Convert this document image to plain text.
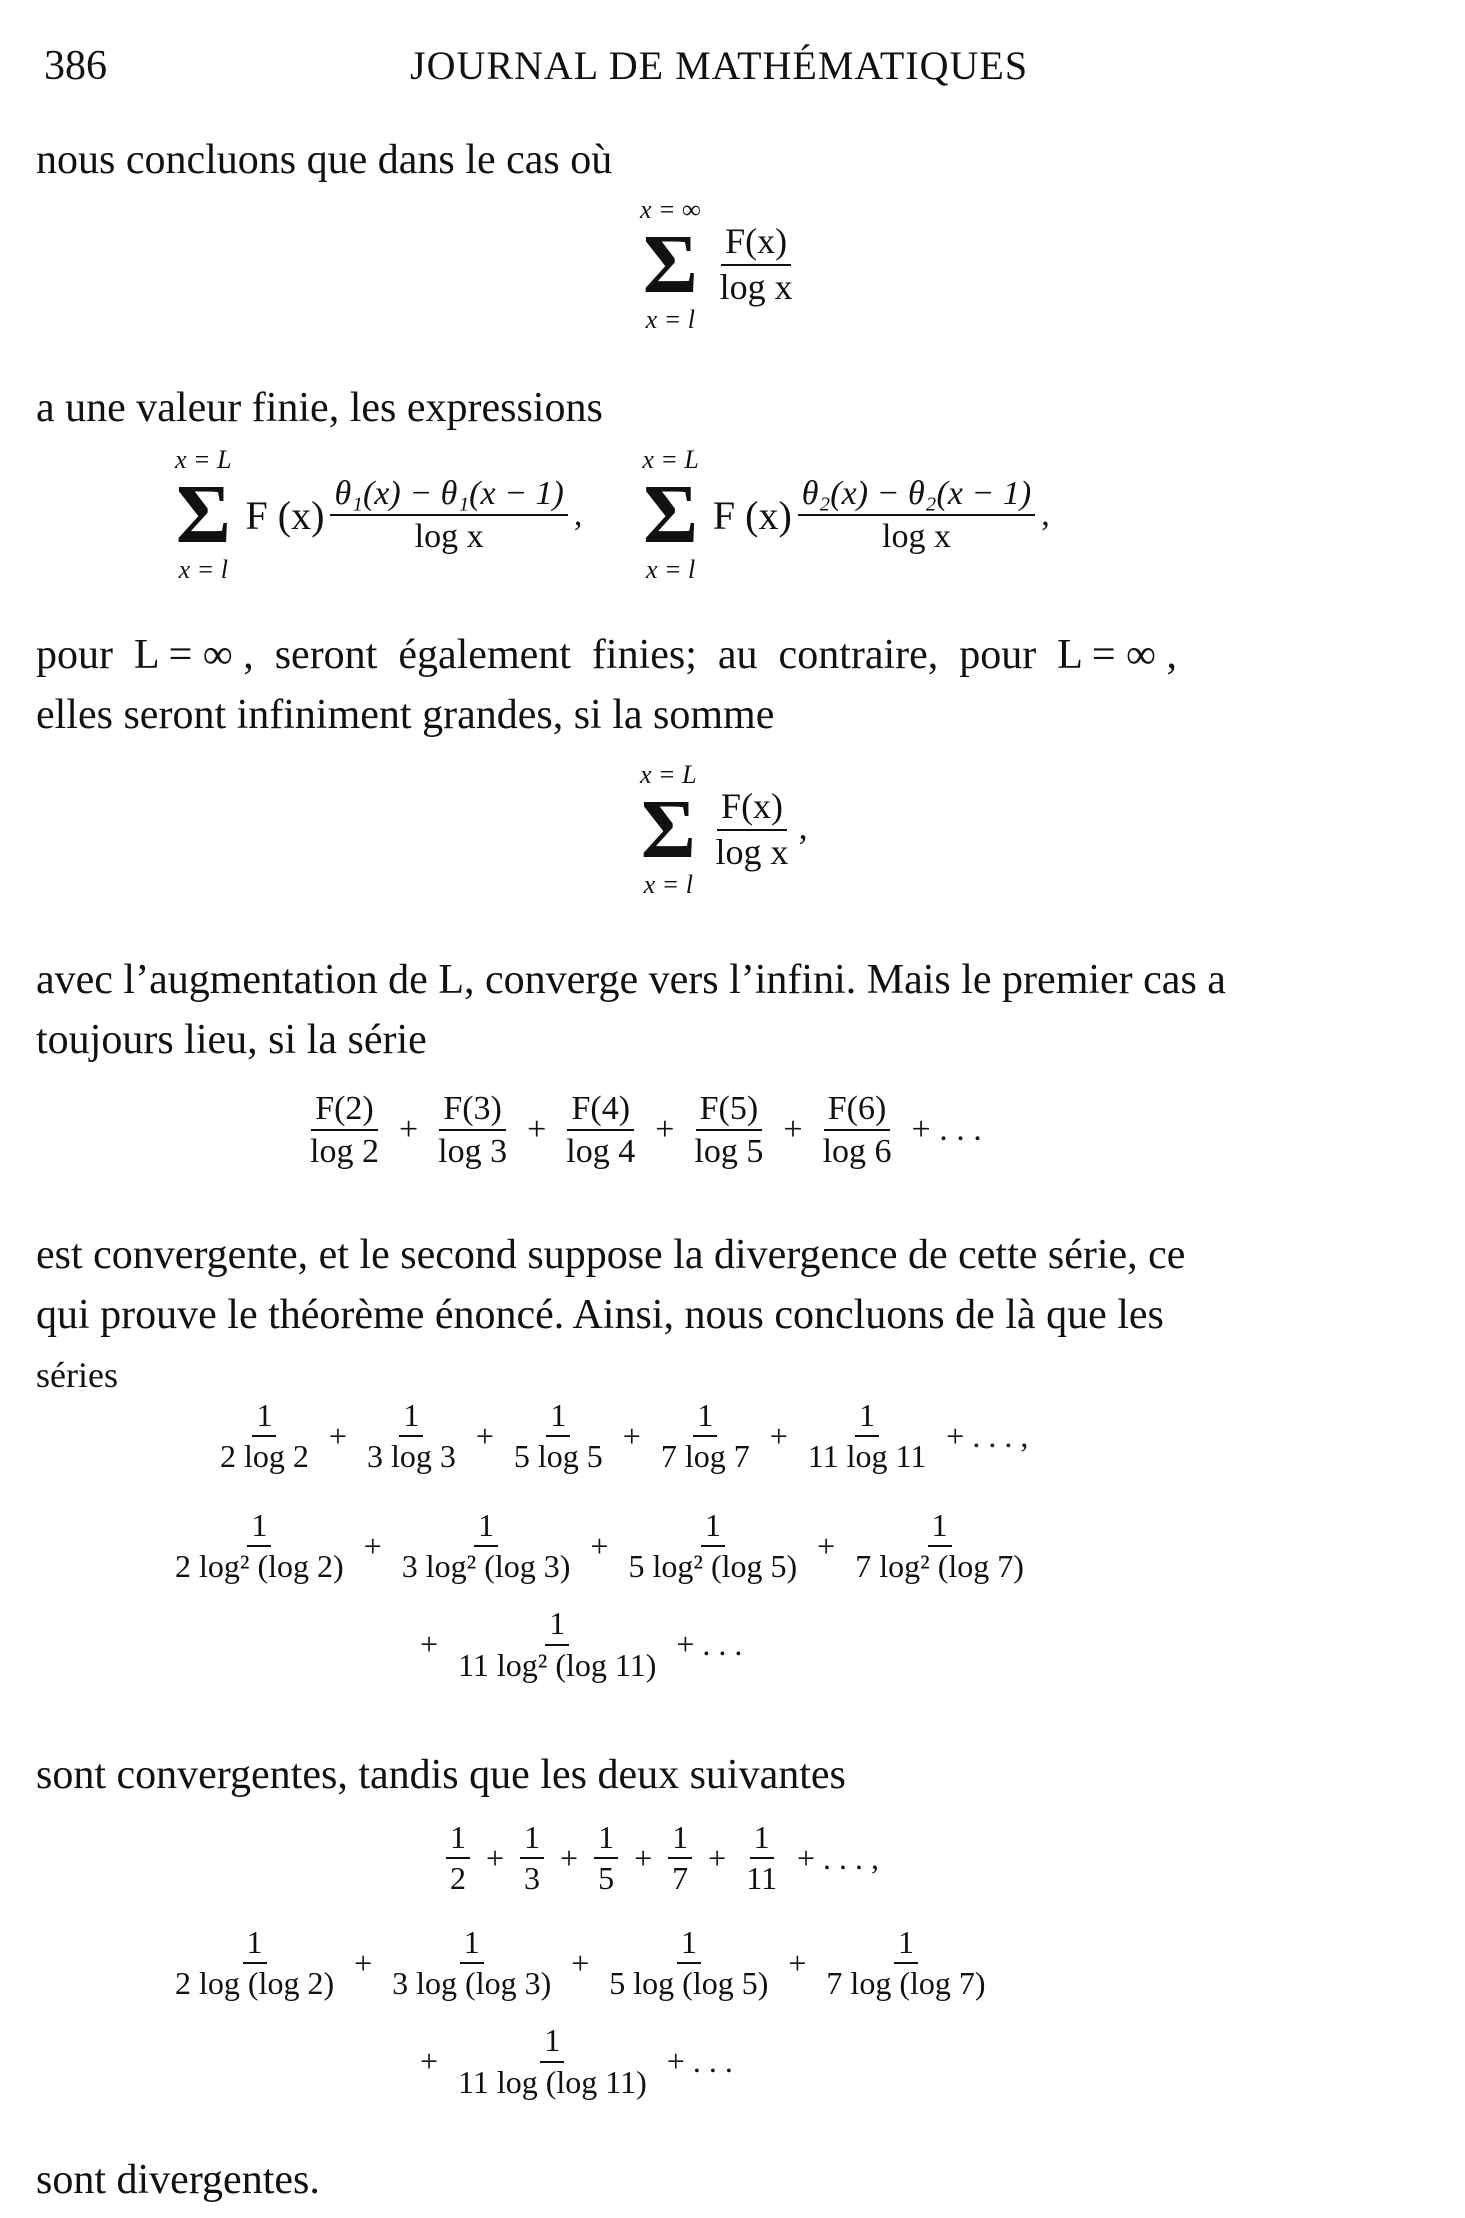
386	JOURNAL DE MATHÉMATIQUES
nous concluons que dans le cas où
x = ∞
Σ
x = l

$\frac{F(x)}{\text{log x}}$
a une valeur finie, les expressions
x = L
Σ
x = l
F $(x) \frac{\text{θ₁(x) − θ₁(x − 1)}}{\text{log x}}$ ,
x = L
Σ
x = l
F $(x) \frac{\text{θ₂(x) − θ₂(x − 1)}}{\text{log x}}$ ,
pour  L = ∞ ,  seront  également  finies;  au  contraire,  pour  L = ∞ ,
elles seront infiniment grandes, si la somme
x = L
Σ
x = l

$\frac{F(x)}{\text{log x}}$ ,
avec l’augmentation de L, converge vers l’infini. Mais le premier cas a
toujours lieu, si la série
$\frac{F(2)}{\log 2} + \frac{F(3)}{\log 3} + \frac{F(4)}{\log 4} + \frac{F(5)}{\log 5} + \frac{F(6)}{\log 6}$ + . . .
est convergente, et le second suppose la divergence de cette série, ce
qui prouve le théorème énoncé. Ainsi, nous concluons de là que les
séries
$\frac{1}{2 \log 2} + \frac{1}{3 \log 3} + \frac{1}{5 \log 5} + \frac{1}{7 \log 7} + \frac{1}{11 \log 11}$ + . . . ,
$\frac{1}{\text{2 log² (log 2)}} + \frac{1}{\text{3 log² (log 3)}} + \frac{1}{\text{5 log² (log 5)}} + \frac{1}{\text{7 log² (log 7)}}$
+ $\frac{1}{\text{11 log² (log 11)}}$ + . . .
sont convergentes, tandis que les deux suivantes
$\frac{1}{2} + \frac{1}{3} + \frac{1}{5} + \frac{1}{7} + \frac{1}{11}$ + . . . ,
$\frac{1}{2 \log (\log 2)} + \frac{1}{3 \log (\log 3)} + \frac{1}{5 \log (\log 5)} + \frac{1}{7 \log (\log 7)}$
+ $\frac{1}{11 \log (\log 11)}$ + . . .
sont divergentes.
